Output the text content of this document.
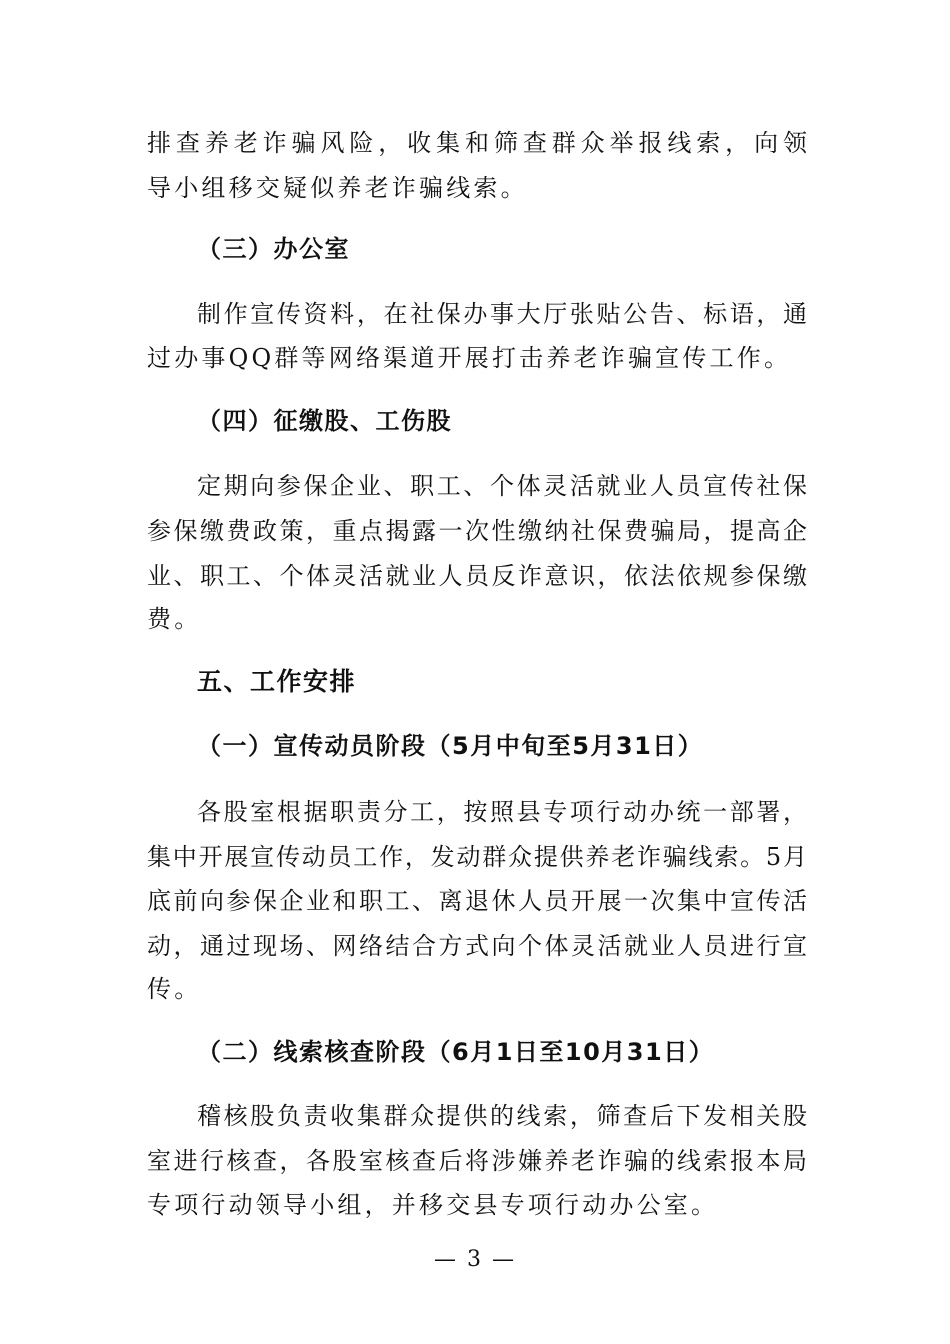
排查养老诈骗风险，收集和筛查群众举报线索，向领
导小组移交疑似养老诈骗线索。
（三）办公室
制作宣传资料，在社保办事大厅张贴公告、标语，通
过办事QQ群等网络渠道开展打击养老诈骗宣传工作。
（四）征缴股、工伤股
定期向参保企业、职工、个体灵活就业人员宣传社保
参保缴费政策，重点揭露一次性缴纳社保费骗局，提高企
业、职工、个体灵活就业人员反诈意识，依法依规参保缴
费。
五、工作安排
（一）宣传动员阶段（5月中旬至5月31日）
各股室根据职责分工，按照县专项行动办统一部署，
集中开展宣传动员工作，发动群众提供养老诈骗线索。5月
底前向参保企业和职工、离退休人员开展一次集中宣传活
动，通过现场、网络结合方式向个体灵活就业人员进行宣
传。
（二）线索核查阶段（6月1日至10月31日）
稽核股负责收集群众提供的线索，筛查后下发相关股
室进行核查，各股室核查后将涉嫌养老诈骗的线索报本局
专项行动领导小组，并移交县专项行动办公室。
— 3 —
